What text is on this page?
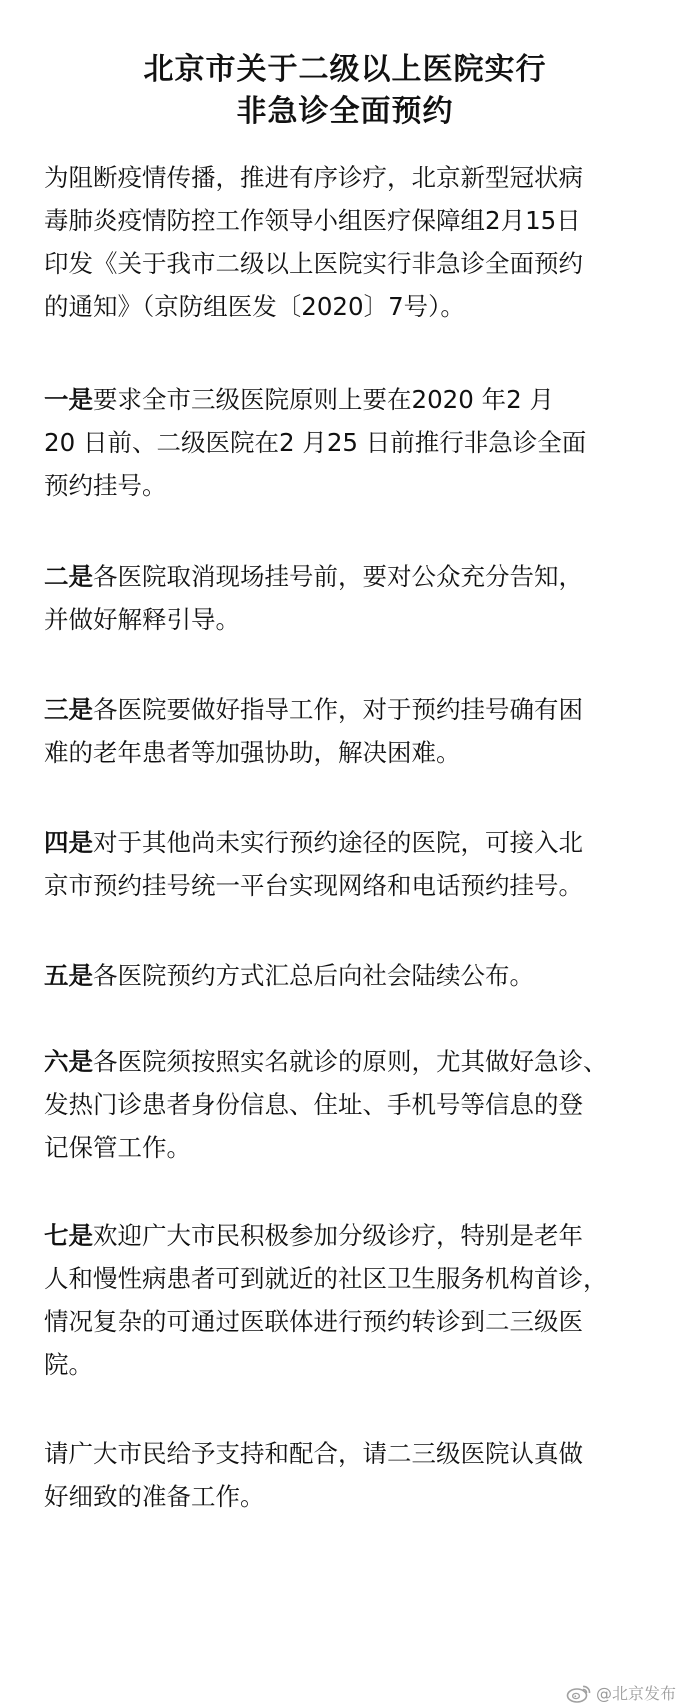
北京市关于二级以上医院实行
非急诊全面预约
为阻断疫情传播，推进有序诊疗，北京新型冠状病
毒肺炎疫情防控工作领导小组医疗保障组2月15日
印发《关于我市二级以上医院实行非急诊全面预约
的通知》（京防组医发〔2020〕7号）。
一是要求全市三级医院原则上要在2020 年2 月
20 日前、二级医院在2 月25 日前推行非急诊全面
预约挂号。
二是各医院取消现场挂号前，要对公众充分告知，
并做好解释引导。
三是各医院要做好指导工作，对于预约挂号确有困
难的老年患者等加强协助，解决困难。
四是对于其他尚未实行预约途径的医院，可接入北
京市预约挂号统一平台实现网络和电话预约挂号。
五是各医院预约方式汇总后向社会陆续公布。
六是各医院须按照实名就诊的原则，尤其做好急诊、
发热门诊患者身份信息、住址、手机号等信息的登
记保管工作。
七是欢迎广大市民积极参加分级诊疗，特别是老年
人和慢性病患者可到就近的社区卫生服务机构首诊，
情况复杂的可通过医联体进行预约转诊到二三级医
院。
请广大市民给予支持和配合，请二三级医院认真做
好细致的准备工作。
@北京发布
